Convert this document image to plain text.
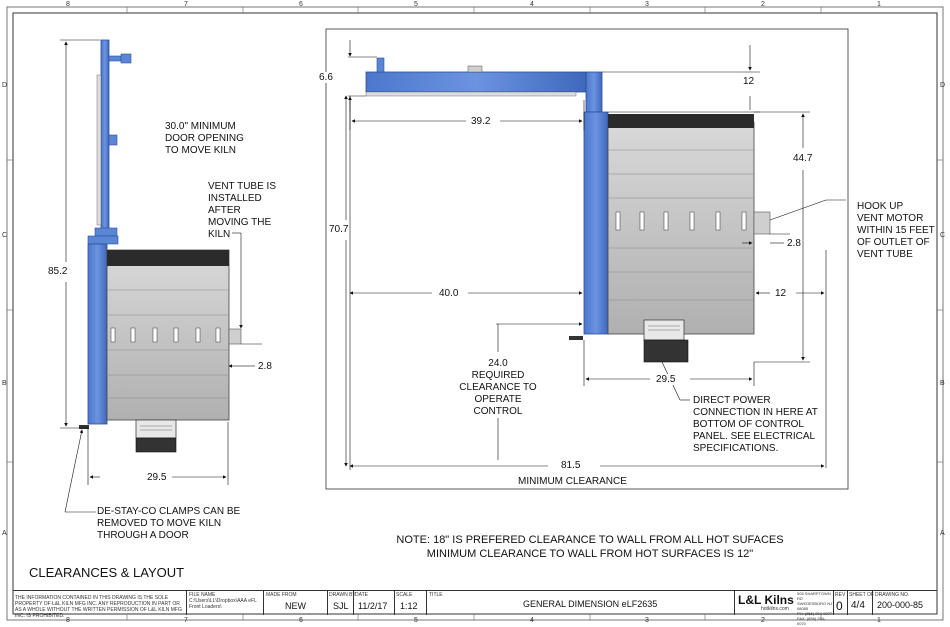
8	7	6	5	4	3	2	1
8	7	6	5	4	3	2	1
D
C
B
A
D
C
B
A
30.0" MINIMUM
DOOR OPENING
TO MOVE KILN
VENT TUBE IS
INSTALLED
AFTER
MOVING THE
KILN
85.2
2.8
29.5
DE-STAY-CO CLAMPS CAN BE
REMOVED TO MOVE KILN
THROUGH A DOOR
6.6
39.2
12
44.7
70.7
40.0
2.8
12
29.5
81.5
MINIMUM CLEARANCE
HOOK UP
VENT MOTOR
WITHIN 15 FEET
OF OUTLET OF
VENT TUBE
24.0
REQUIRED
CLEARANCE TO
OPERATE
CONTROL
DIRECT POWER
CONNECTION IN HERE AT
BOTTOM OF CONTROL
PANEL. SEE ELECTRICAL
SPECIFICATIONS.
NOTE: 18" IS PREFERED CLEARANCE TO WALL FROM ALL HOT SUFACES
MINIMUM CLEARANCE TO WALL FROM HOT SURFACES IS 12"
CLEARANCES & LAYOUT
THE INFORMATION CONTAINED IN THIS DRAWING IS THE SOLE PROPERTY OF L&L KILN MFG INC. ANY REPRODUCTION IN PART OR AS A WHOLE WITHOUT THE WRITTEN PERMISSION OF L&L KILN MFG INC. IS PROHIBITED.
FILE NAME
C:\Users\LL\Dropbox\AAA eFL Front Loaders\
MADE FROM
NEW
DRAWN BY
SJL
DATE
11/2/17
SCALE
1:12
TITLE
GENERAL DIMENSION eLF2635	L&L Kilns
hotkilns.com
505 SHARPTOWN RD
SWEDESBORO NJ 08085
PH: (856) 294-0077
FAX: (856) 294-0070
REV
0
SHEET OF
4/4
DRAWING NO.
200-000-85
